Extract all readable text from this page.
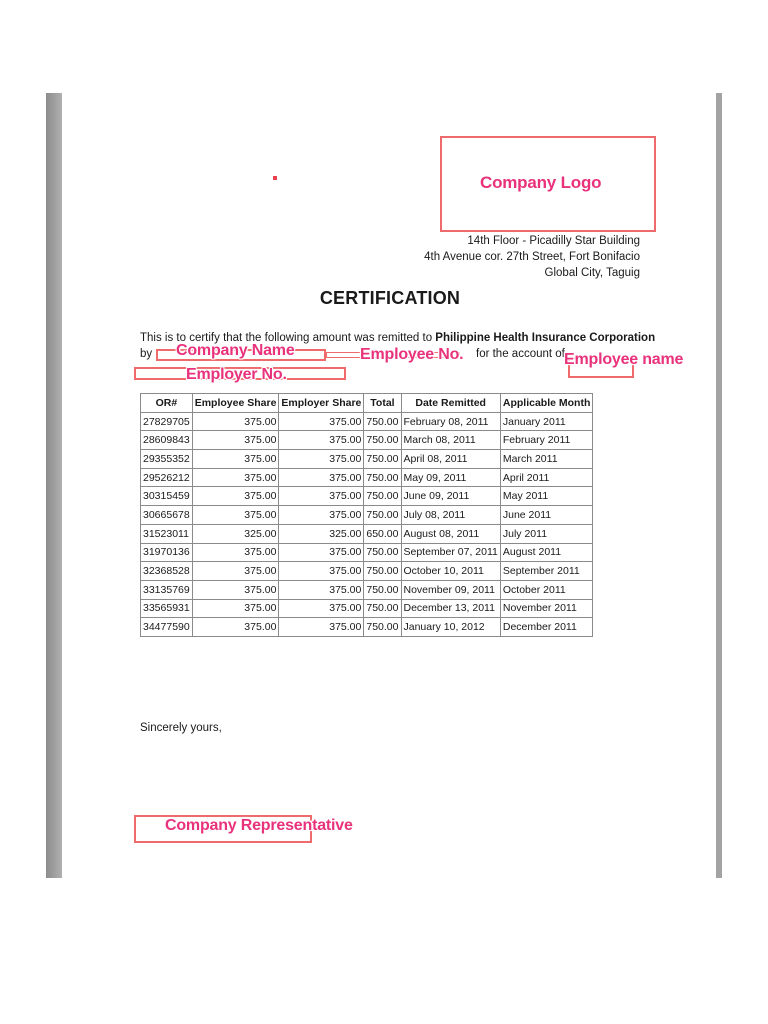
Company Logo
14th Floor - Picadilly Star Building
4th Avenue cor. 27th Street, Fort Bonifacio
Global City, Taguig
CERTIFICATION
This is to certify that the following amount was remitted to Philippine Health Insurance Corporation
by	for the account of
Company Name	Employee No.	Employee name
Employer No.
OR#	Employee Share	Employer Share	Total	Date Remitted	Applicable Month
27829705	375.00	375.00	750.00	February 08, 2011	January 2011
28609843	375.00	375.00	750.00	March 08, 2011	February 2011
29355352	375.00	375.00	750.00	April 08, 2011	March 2011
29526212	375.00	375.00	750.00	May 09, 2011	April 2011
30315459	375.00	375.00	750.00	June 09, 2011	May 2011
30665678	375.00	375.00	750.00	July 08, 2011	June 2011
31523011	325.00	325.00	650.00	August 08, 2011	July 2011
31970136	375.00	375.00	750.00	September 07, 2011	August 2011
32368528	375.00	375.00	750.00	October 10, 2011	September 2011
33135769	375.00	375.00	750.00	November 09, 2011	October 2011
33565931	375.00	375.00	750.00	December 13, 2011	November 2011
34477590	375.00	375.00	750.00	January 10, 2012	December 2011
Sincerely yours,
Company Representative
